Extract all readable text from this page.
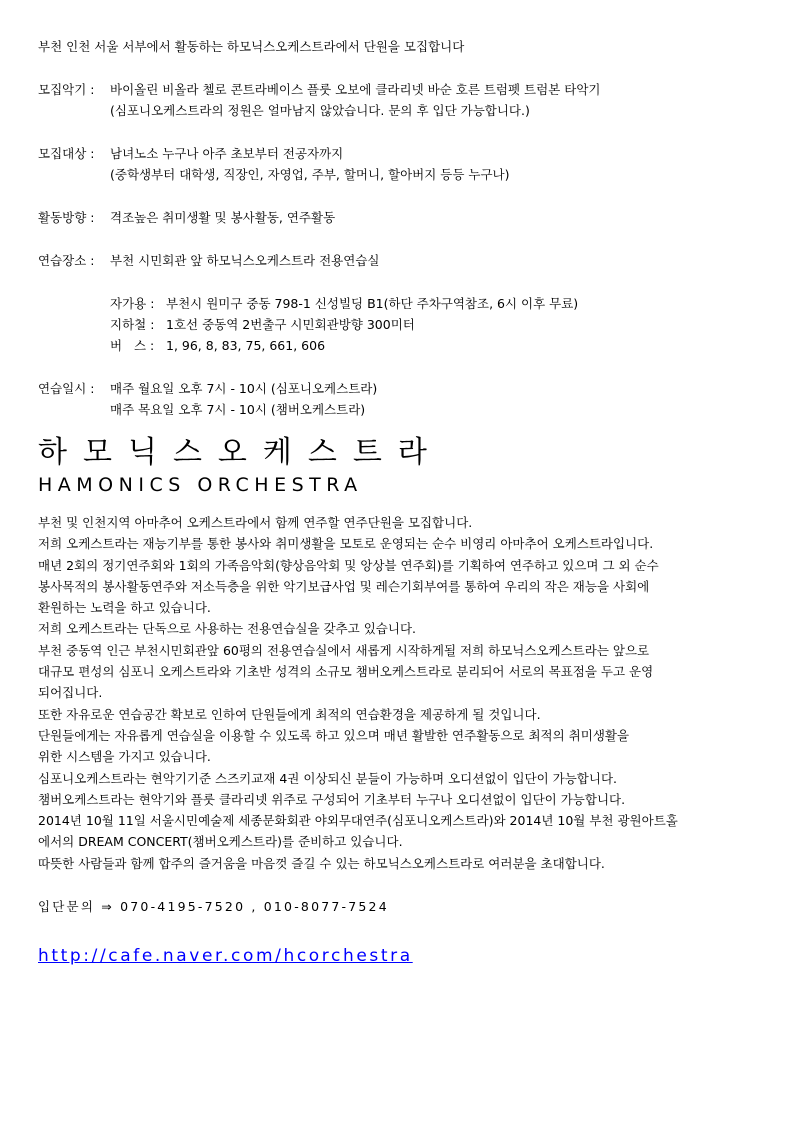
부천 인천 서울 서부에서 활동하는 하모닉스오케스트라에서 단원을 모집합니다
모집악기 :	바이올린 비올라 첼로 콘트라베이스 플룻 오보에 클라리넷 바순 호른 트럼펫 트럼본 타악기
(심포니오케스트라의 정원은 얼마남지 않았습니다. 문의 후 입단 가능합니다.)
모집대상 :	남녀노소 누구나 아주 초보부터 전공자까지
(중학생부터 대학생, 직장인, 자영업, 주부, 할머니, 할아버지 등등 누구나)
활동방향 :	격조높은 취미생활 및 봉사활동, 연주활동
연습장소 :	부천 시민회관 앞 하모닉스오케스트라 전용연습실
자가용 : 부천시 원미구 중동 798-1 신성빌딩 B1(하단 주차구역참조, 6시 이후 무료)
지하철 : 1호선 중동역 2번출구 시민회관방향 300미터
버   스 : 1, 96, 8, 83, 75, 661, 606
연습일시 :	매주 월요일 오후 7시 - 10시 (심포니오케스트라)
매주 목요일 오후 7시 - 10시 (챔버오케스트라)
하모닉스오케스트라
HAMONICS ORCHESTRA
부천 및 인천지역 아마추어 오케스트라에서 함께 연주할 연주단원을 모집합니다.
저희 오케스트라는 재능기부를 통한 봉사와 취미생활을 모토로 운영되는 순수 비영리 아마추어 오케스트라입니다.
매년 2회의 정기연주회와 1회의 가족음악회(향상음악회 및 앙상블 연주회)를 기획하여 연주하고 있으며 그 외 순수
봉사목적의 봉사활동연주와 저소득층을 위한 악기보급사업 및 레슨기회부여를 통하여 우리의 작은 재능을 사회에
환원하는 노력을 하고 있습니다.
저희 오케스트라는 단독으로 사용하는 전용연습실을 갖추고 있습니다.
부천 중동역 인근 부천시민회관앞 60평의 전용연습실에서 새롭게 시작하게될 저희 하모닉스오케스트라는 앞으로
대규모 편성의 심포니 오케스트라와 기초반 성격의 소규모 챔버오케스트라로 분리되어 서로의 목표점을 두고 운영
되어집니다.
또한 자유로운 연습공간 확보로 인하여 단원들에게 최적의 연습환경을 제공하게 될 것입니다.
단원들에게는 자유롭게 연습실을 이용할 수 있도록 하고 있으며 매년 활발한 연주활동으로 최적의 취미생활을
위한 시스템을 가지고 있습니다.
심포니오케스트라는 현악기기준 스즈키교재 4권 이상되신 분들이 가능하며 오디션없이 입단이 가능합니다.
챔버오케스트라는 현악기와 플룻 클라리넷 위주로 구성되어 기초부터 누구나 오디션없이 입단이 가능합니다.
2014년 10월 11일 서울시민예술제 세종문화회관 야외무대연주(심포니오케스트라)와 2014년 10월 부천 광원아트홀
에서의 DREAM CONCERT(챔버오케스트라)를 준비하고 있습니다.
따뜻한 사람들과 함께 합주의 즐거움을 마음껏 즐길 수 있는 하모닉스오케스트라로 여러분을 초대합니다.
입단문의 ⇒ 070-4195-7520 , 010-8077-7524
http://cafe.naver.com/hcorchestra
